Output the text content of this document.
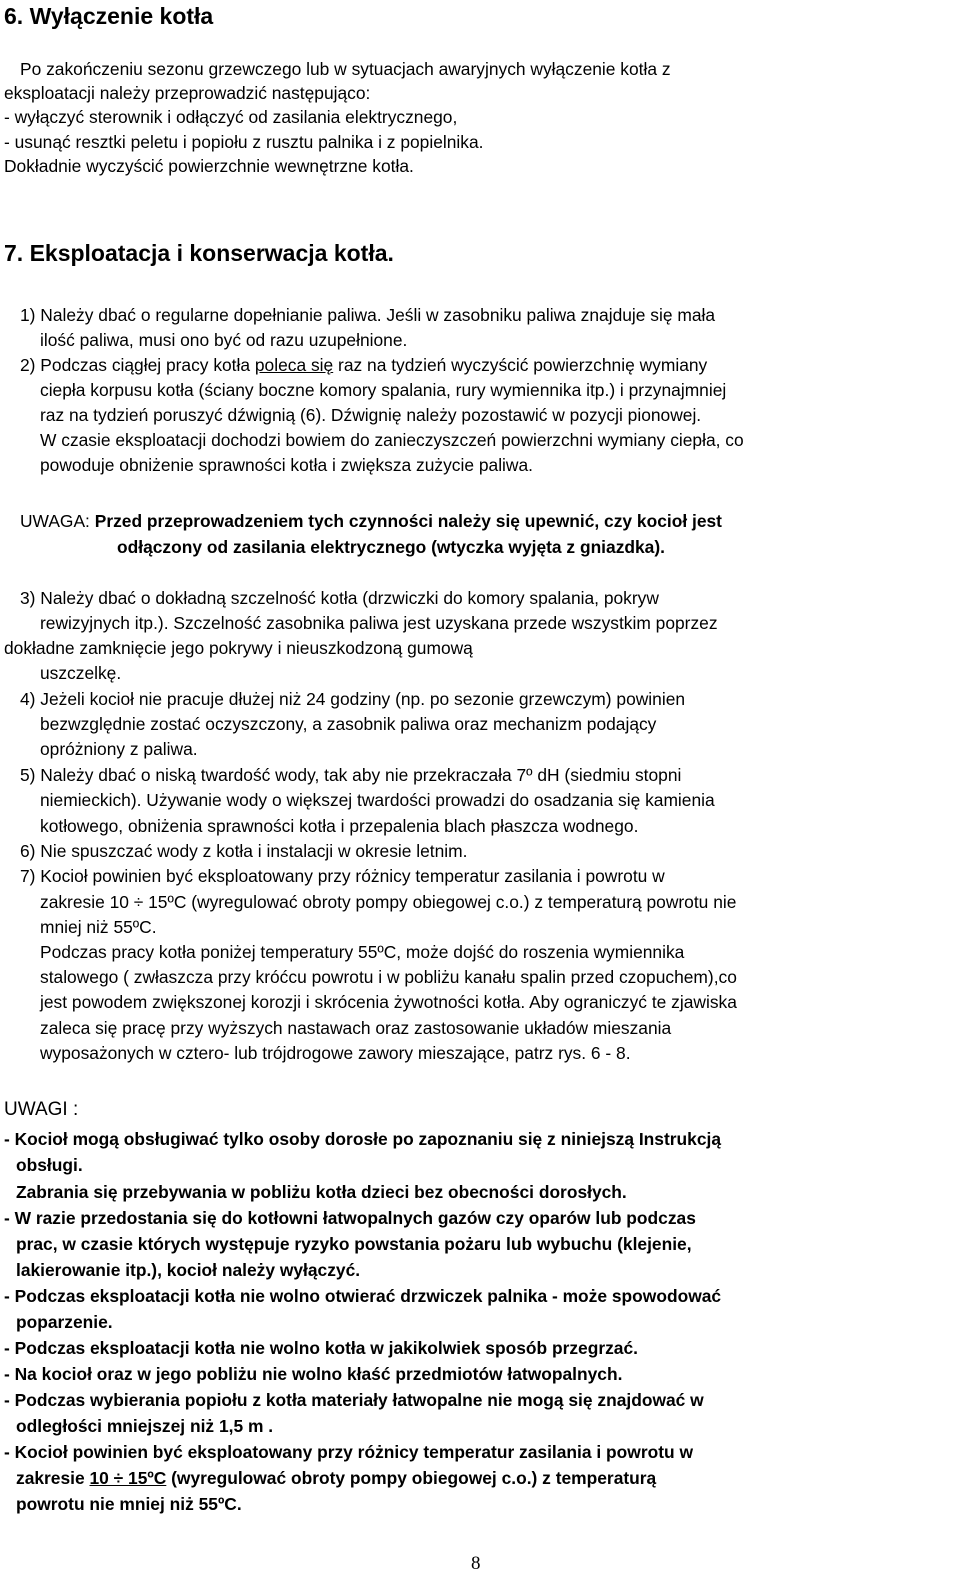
6. Wyłączenie kotła
Po zakończeniu sezonu grzewczego lub w sytuacjach awaryjnych wyłączenie kotła z
eksploatacji należy przeprowadzić następująco:
- wyłączyć sterownik i odłączyć od zasilania elektrycznego,
- usunąć resztki peletu i popiołu z rusztu palnika i z popielnika.
Dokładnie wyczyścić powierzchnie wewnętrzne kotła.
7. Eksploatacja i konserwacja kotła.
1) Należy dbać o regularne dopełnianie paliwa. Jeśli w zasobniku paliwa znajduje się mała
ilość paliwa, musi ono być od razu uzupełnione.
2) Podczas ciągłej pracy kotła poleca się raz na tydzień wyczyścić powierzchnię wymiany
ciepła korpusu kotła (ściany boczne komory spalania, rury wymiennika itp.) i przynajmniej
raz na tydzień poruszyć dźwignią (6). Dźwignię należy pozostawić w pozycji pionowej.
W czasie eksploatacji dochodzi bowiem do zanieczyszczeń powierzchni wymiany ciepła, co
powoduje obniżenie sprawności kotła i zwiększa zużycie paliwa.
UWAGA: Przed przeprowadzeniem tych czynności należy się upewnić, czy kocioł jest
odłączony od zasilania elektrycznego (wtyczka wyjęta z gniazdka).
3) Należy dbać o dokładną szczelność kotła (drzwiczki do komory spalania, pokryw
rewizyjnych itp.). Szczelność zasobnika paliwa jest uzyskana przede wszystkim poprzez
dokładne zamknięcie jego pokrywy i nieuszkodzoną gumową
uszczelkę.
4) Jeżeli kocioł nie pracuje dłużej niż 24 godziny (np. po sezonie grzewczym) powinien
bezwzględnie zostać oczyszczony, a zasobnik paliwa oraz mechanizm podający
opróżniony z paliwa.
5) Należy dbać o niską twardość wody, tak aby nie przekraczała 7º dH (siedmiu stopni
niemieckich). Używanie wody o większej twardości prowadzi do osadzania się kamienia
kotłowego, obniżenia sprawności kotła i przepalenia blach płaszcza wodnego.
6) Nie spuszczać wody z kotła i instalacji w okresie letnim.
7) Kocioł powinien być eksploatowany przy różnicy temperatur zasilania i powrotu w
zakresie 10 ÷ 15ºC (wyregulować obroty pompy obiegowej c.o.) z temperaturą powrotu nie
mniej niż 55ºC.
Podczas pracy kotła poniżej temperatury 55ºC, może dojść do roszenia wymiennika
stalowego ( zwłaszcza przy króćcu powrotu i w pobliżu kanału spalin przed czopuchem),co
jest powodem zwiększonej korozji i skrócenia żywotności kotła. Aby ograniczyć te zjawiska
zaleca się pracę przy wyższych nastawach oraz zastosowanie układów mieszania
wyposażonych w cztero- lub trójdrogowe zawory mieszające, patrz rys. 6 - 8.
UWAGI :
- Kocioł mogą obsługiwać tylko osoby dorosłe po zapoznaniu się z niniejszą Instrukcją
obsługi.
Zabrania się przebywania w pobliżu kotła dzieci bez obecności dorosłych.
- W razie przedostania się do kotłowni łatwopalnych gazów czy oparów lub podczas
prac, w czasie których występuje ryzyko powstania pożaru lub wybuchu (klejenie,
lakierowanie itp.), kocioł należy wyłączyć.
- Podczas eksploatacji kotła nie wolno otwierać drzwiczek palnika - może spowodować
poparzenie.
- Podczas eksploatacji kotła nie wolno kotła w jakikolwiek sposób przegrzać.
- Na kocioł oraz w jego pobliżu nie wolno kłaść przedmiotów łatwopalnych.
- Podczas wybierania popiołu z kotła materiały łatwopalne nie mogą się znajdować w
odległości mniejszej niż 1,5 m .
- Kocioł powinien być eksploatowany przy różnicy temperatur zasilania i powrotu w
zakresie 10 ÷ 15ºC (wyregulować obroty pompy obiegowej c.o.) z temperaturą
powrotu nie mniej niż 55ºC.
8
